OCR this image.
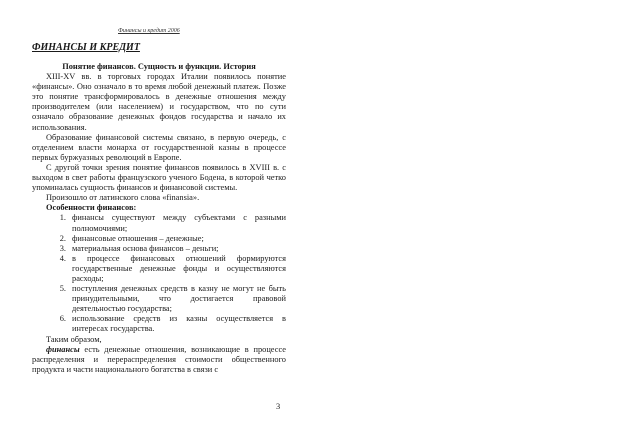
Финансы и кредит 2006
ФИНАНСЫ И КРЕДИТ
Понятие финансов. Сущность и функции. История

XIII-XV вв. в торговых городах Италии появилось понятие «финансы». Оно означало в то время любой денежный платеж. Позже это понятие трансформировалось в денежные отношения между производителем (или населением) и государством, что по сути означало образование денежных фондов государства и начало их использования.

Образование финансовой системы связано, в первую очередь, с отделением власти монарха от государственной казны в процессе первых буржуазных революций в Европе.

С другой точки зрения понятие финансов появилось в XVIII в. с выходом в свет работы французского ученого Бодена, в которой четко упоминалась сущность финансов и финансовой системы.

Произошло от латинского слова «finansia».

Особенности финансов:
1. финансы существуют между субъектами с разными полномочиями;
2. финансовые отношения – денежные;
3. материальная основа финансов – деньги;
4. в процессе финансовых отношений формируются государственные денежные фонды и осуществляются расходы;
5. поступления денежных средств в казну не могут не быть принудительными, что достигается правовой деятельностью государства;
6. использование средств из казны осуществляется в интересах государства.

Таким образом,

финансы есть денежные отношения, возникающие в процессе распределения и перераспределения стоимости общественного продукта и части национального богатства в связи с

3
